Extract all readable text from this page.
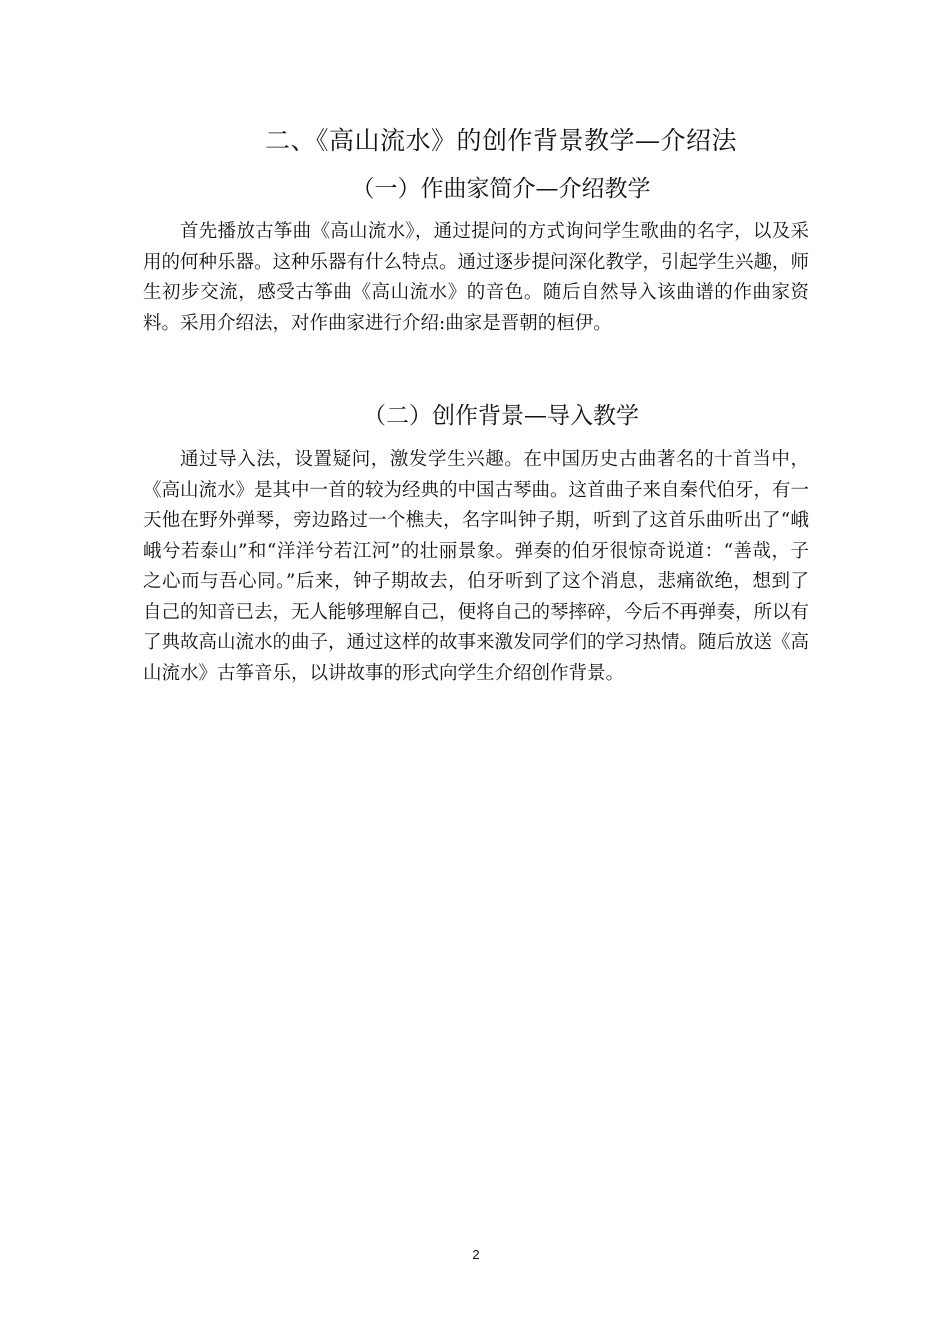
二、《高山流水》的创作背景教学—介绍法
（一）作曲家简介—介绍教学

首先播放古筝曲《高山流水》，通过提问的方式询问学生歌曲的名字，以及采用的何种乐器。这种乐器有什么特点。通过逐步提问深化教学，引起学生兴趣，师生初步交流，感受古筝曲《高山流水》的音色。随后自然导入该曲谱的作曲家资料。采用介绍法，对作曲家进行介绍:曲家是晋朝的桓伊。

（二）创作背景—导入教学

通过导入法，设置疑问，激发学生兴趣。在中国历史古曲著名的十首当中，《高山流水》是其中一首的较为经典的中国古琴曲。这首曲子来自秦代伯牙，有一天他在野外弹琴，旁边路过一个樵夫，名字叫钟子期，听到了这首乐曲听出了“峨峨兮若泰山”和“洋洋兮若江河”的壮丽景象。弹奏的伯牙很惊奇说道：“善哉，子之心而与吾心同。”后来，钟子期故去，伯牙听到了这个消息，悲痛欲绝，想到了自己的知音已去，无人能够理解自己，便将自己的琴摔碎，今后不再弹奏，所以有了典故高山流水的曲子，通过这样的故事来激发同学们的学习热情。随后放送《高山流水》古筝音乐，以讲故事的形式向学生介绍创作背景。

2
